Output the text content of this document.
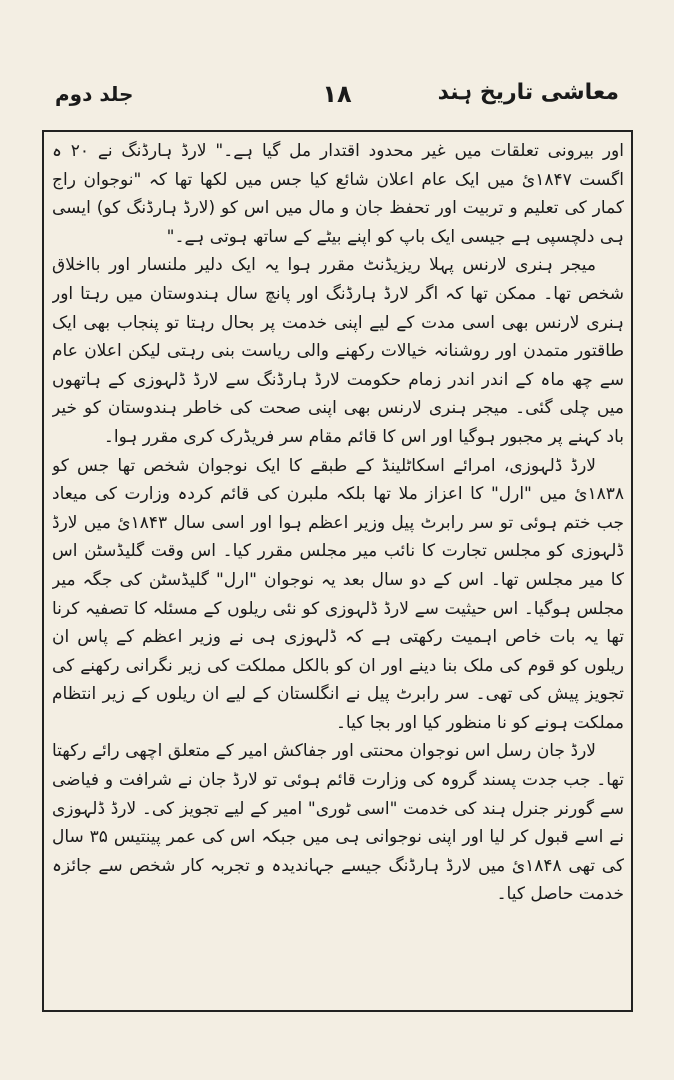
معاشی تاریخ ہند
۱۸
جلد دوم

اور بیرونی تعلقات میں غیر محدود اقتدار مل گیا ہے۔" لارڈ ہارڈنگ نے ۲۰ ہ اگست ۱۸۴۷ئ میں ایک عام اعلان شائع کیا جس میں لکھا تھا کہ "نوجوان راج کمار کی تعلیم و تربیت اور تحفظ جان و مال میں اس کو (لارڈ ہارڈنگ کو) ایسی ہی دلچسپی ہے جیسی ایک باپ کو اپنے بیٹے کے ساتھ ہوتی ہے۔"

میجر ہنری لارنس پہلا ریزیڈنٹ مقرر ہوا یہ ایک دلیر ملنسار اور بااخلاق شخص تھا۔ ممکن تھا کہ اگر لارڈ ہارڈنگ اور پانچ سال ہندوستان میں رہتا اور ہنری لارنس بھی اسی مدت کے لیے اپنی خدمت پر بحال رہتا تو پنجاب بھی ایک طاقتور متمدن اور روشنانہ خیالات رکھنے والی ریاست بنی رہتی لیکن اعلان عام سے چھ ماہ کے اندر اندر زمام حکومت لارڈ ہارڈنگ سے لارڈ ڈلہوزی کے ہاتھوں میں چلی گئی۔ میجر ہنری لارنس بھی اپنی صحت کی خاطر ہندوستان کو خیر باد کہنے پر مجبور ہوگیا اور اس کا قائم مقام سر فریڈرک کری مقرر ہوا۔

لارڈ ڈلہوزی، امرائے اسکاٹلینڈ کے طبقے کا ایک نوجوان شخص تھا جس کو ۱۸۳۸ئ میں "ارل" کا اعزاز ملا تھا بلکہ ملبرن کی قائم کردہ وزارت کی میعاد جب ختم ہوئی تو سر رابرٹ پیل وزیر اعظم ہوا اور اسی سال ۱۸۴۳ئ میں لارڈ ڈلہوزی کو مجلس تجارت کا نائب میر مجلس مقرر کیا۔ اس وقت گلیڈسٹن اس کا میر مجلس تھا۔ اس کے دو سال بعد یہ نوجوان "ارل" گلیڈسٹن کی جگہ میر مجلس ہوگیا۔ اس حیثیت سے لارڈ ڈلہوزی کو نئی ریلوں کے مسئلہ کا تصفیہ کرنا تھا یہ بات خاص اہمیت رکھتی ہے کہ ڈلہوزی ہی نے وزیر اعظم کے پاس ان ریلوں کو قوم کی ملک بنا دینے اور ان کو بالکل مملکت کی زیر نگرانی رکھنے کی تجویز پیش کی تھی۔ سر رابرٹ پیل نے انگلستان کے لیے ان ریلوں کے زیر انتظام مملکت ہونے کو نا منظور کیا اور بجا کیا۔

لارڈ جان رسل اس نوجوان محنتی اور جفاکش امیر کے متعلق اچھی رائے رکھتا تھا۔ جب جدت پسند گروہ کی وزارت قائم ہوئی تو لارڈ جان نے شرافت و فیاضی سے گورنر جنرل ہند کی خدمت "اسی ٹوری" امیر کے لیے تجویز کی۔ لارڈ ڈلہوزی نے اسے قبول کر لیا اور اپنی نوجوانی ہی میں جبکہ اس کی عمر پینتیس ۳۵ سال کی تھی ۱۸۴۸ئ میں لارڈ ہارڈنگ جیسے جہاندیدہ و تجربہ کار شخص سے جائزہ خدمت حاصل کیا۔
